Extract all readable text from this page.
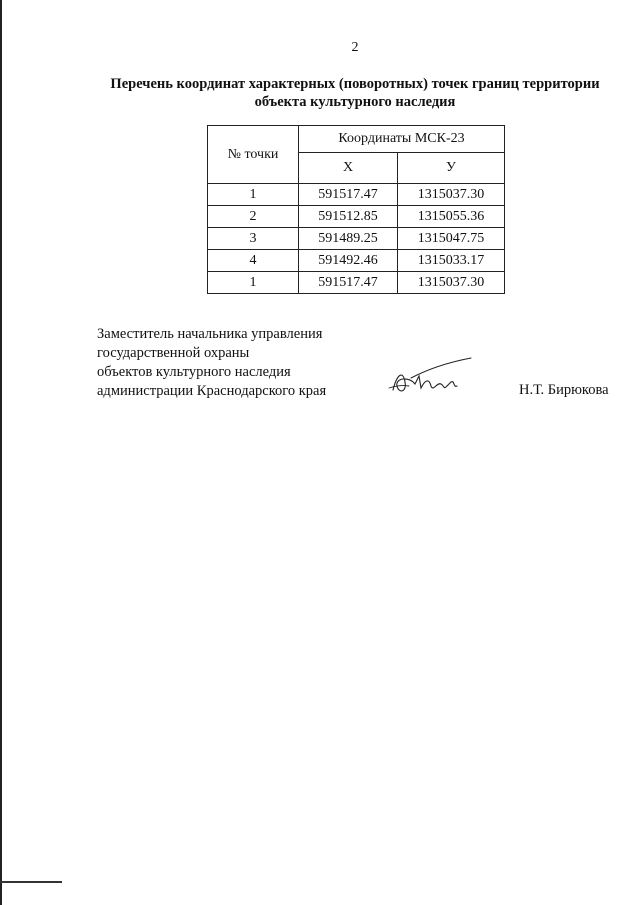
2
Перечень координат характерных (поворотных) точек границ территории
объекта культурного наследия
№ точки	Координаты МСК-23	
	Х	У
1	591517.47	1315037.30
2	591512.85	1315055.36
3	591489.25	1315047.75
4	591492.46	1315033.17
1	591517.47	1315037.30
Заместитель начальника управления
государственной охраны
объектов культурного наследия
администрации Краснодарского края	Н.Т. Бирюкова
